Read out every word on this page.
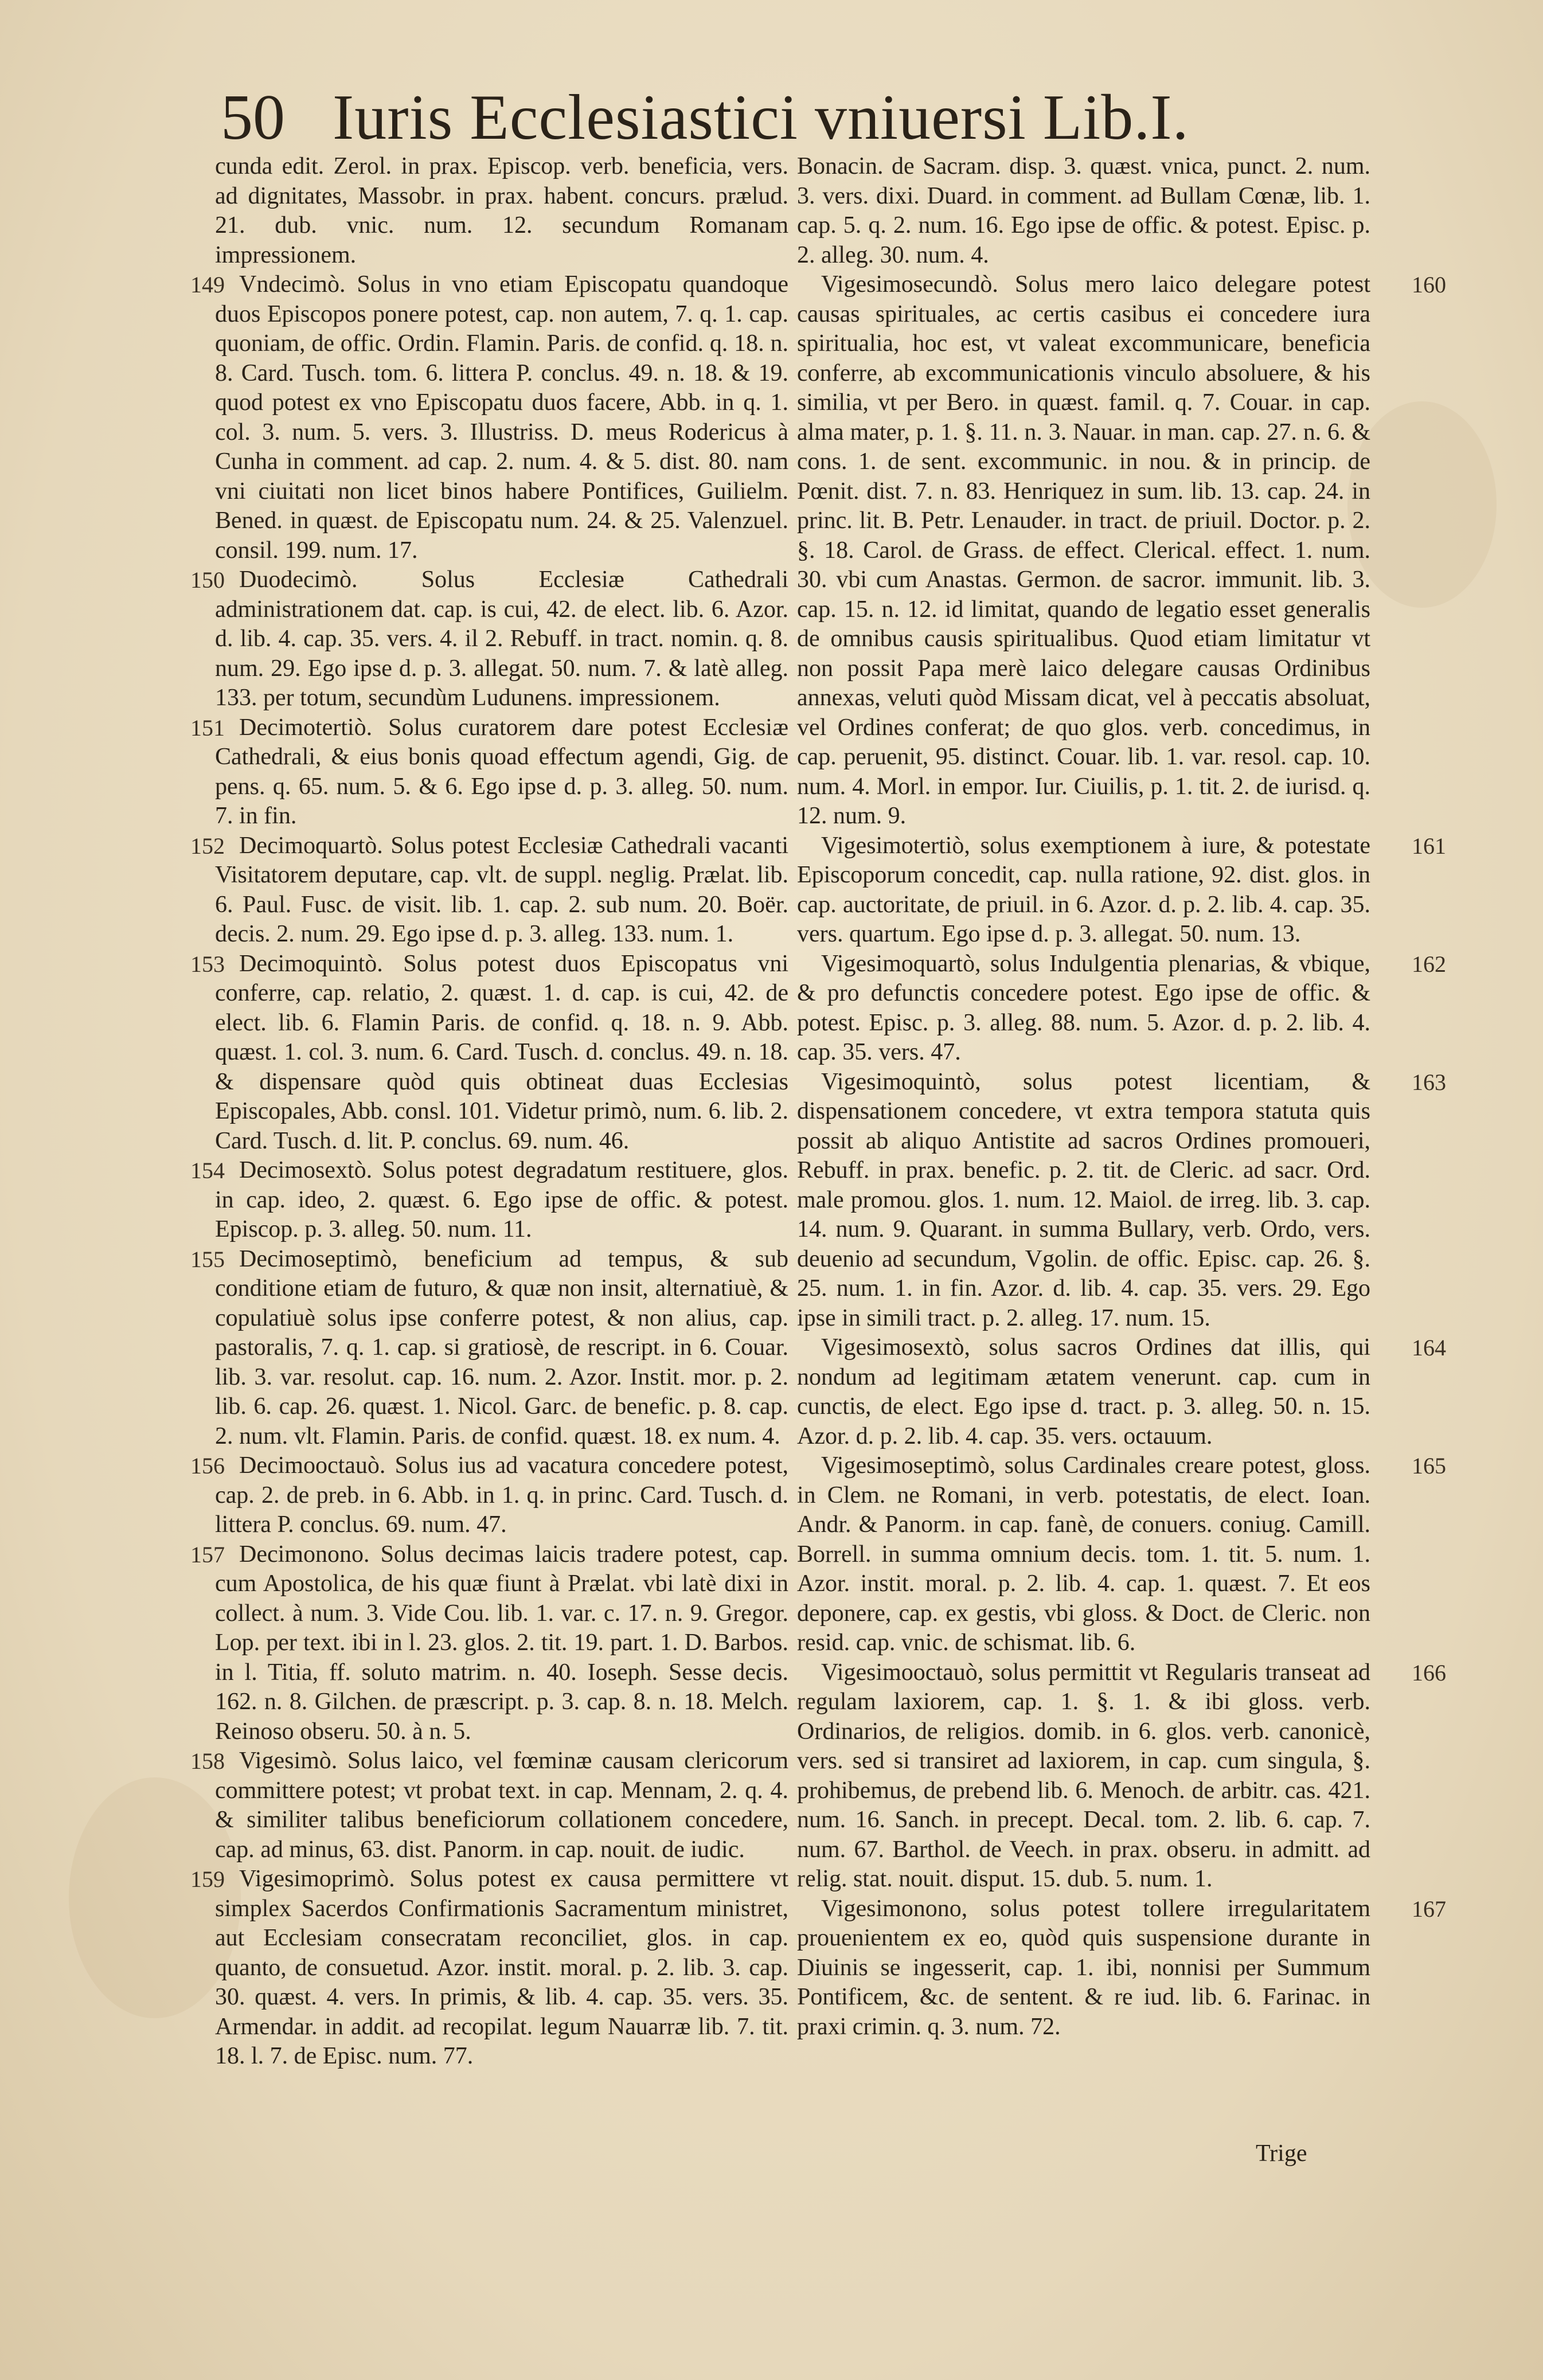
50 Iuris Ecclesiastici vniuersi Lib.I.

cunda edit. Zerol. in prax. Episcop. verb. beneficia, vers. ad dignitates, Massobr. in prax. habent. concurs. prælud. 21. dub. vnic. num. 12. secundum Romanam impressionem.

149 Vndecimò. Solus in vno etiam Episcopatu quandoque duos Episcopos ponere potest, cap. non autem, 7. q. 1. cap. quoniam, de offic. Ordin. Flamin. Paris. de confid. q. 18. n. 8. Card. Tusch. tom. 6. littera P. conclus. 49. n. 18. & 19. quod potest ex vno Episcopatu duos facere, Abb. in q. 1. col. 3. num. 5. vers. 3. Illustriss. D. meus Rodericus à Cunha in comment. ad cap. 2. num. 4. & 5. dist. 80. nam vni ciuitati non licet binos habere Pontifices, Guilielm. Bened. in quæst. de Episcopatu num. 24. & 25. Valenzuel. consil. 199. num. 17.

150 Duodecimò. Solus Ecclesiæ Cathedrali administrationem dat. cap. is cui, 42. de elect. lib. 6. Azor. d. lib. 4. cap. 35. vers. 4. il 2. Rebuff. in tract. nomin. q. 8. num. 29. Ego ipse d. p. 3. allegat. 50. num. 7. & latè alleg. 133. per totum, secundùm Ludunens. impressionem.

151 Decimotertiò. Solus curatorem dare potest Ecclesiæ Cathedrali, & eius bonis quoad effectum agendi, Gig. de pens. q. 65. num. 5. & 6. Ego ipse d. p. 3. alleg. 50. num. 7. in fin.

152 Decimoquartò. Solus potest Ecclesiæ Cathedrali vacanti Visitatorem deputare, cap. vlt. de suppl. neglig. Prælat. lib. 6. Paul. Fusc. de visit. lib. 1. cap. 2. sub num. 20. Boër. decis. 2. num. 29. Ego ipse d. p. 3. alleg. 133. num. 1.

153 Decimoquintò. Solus potest duos Episcopatus vni conferre, cap. relatio, 2. quæst. 1. d. cap. is cui, 42. de elect. lib. 6. Flamin Paris. de confid. q. 18. n. 9. Abb. quæst. 1. col. 3. num. 6. Card. Tusch. d. conclus. 49. n. 18. & dispensare quòd quis obtineat duas Ecclesias Episcopales, Abb. consl. 101. Videtur primò, num. 6. lib. 2. Card. Tusch. d. lit. P. conclus. 69. num. 46.

154 Decimosextò. Solus potest degradatum restituere, glos. in cap. ideo, 2. quæst. 6. Ego ipse de offic. & potest. Episcop. p. 3. alleg. 50. num. 11.

155 Decimoseptimò, beneficium ad tempus, & sub conditione etiam de futuro, & quæ non insit, alternatiuè, & copulatiuè solus ipse conferre potest, & non alius, cap. pastoralis, 7. q. 1. cap. si gratiosè, de rescript. in 6. Couar. lib. 3. var. resolut. cap. 16. num. 2. Azor. Instit. mor. p. 2. lib. 6. cap. 26. quæst. 1. Nicol. Garc. de benefic. p. 8. cap. 2. num. vlt. Flamin. Paris. de confid. quæst. 18. ex num. 4.

156 Decimooctauò. Solus ius ad vacatura concedere potest, cap. 2. de preb. in 6. Abb. in 1. q. in princ. Card. Tusch. d. littera P. conclus. 69. num. 47.

157 Decimonono. Solus decimas laicis tradere potest, cap. cum Apostolica, de his quæ fiunt à Prælat. vbi latè dixi in collect. à num. 3. Vide Cou. lib. 1. var. c. 17. n. 9. Gregor. Lop. per text. ibi in l. 23. glos. 2. tit. 19. part. 1. D. Barbos. in l. Titia, ff. soluto matrim. n. 40. Ioseph. Sesse decis. 162. n. 8. Gilchen. de præscript. p. 3. cap. 8. n. 18. Melch. Reinoso obseru. 50. à n. 5.

158 Vigesimò. Solus laico, vel fœminæ causam clericorum committere potest; vt probat text. in cap. Mennam, 2. q. 4. & similiter talibus beneficiorum collationem concedere, cap. ad minus, 63. dist. Panorm. in cap. nouit. de iudic.

159 Vigesimoprimò. Solus potest ex causa permittere vt simplex Sacerdos Confirmationis Sacramentum ministret, aut Ecclesiam consecratam reconciliet, glos. in cap. quanto, de consuetud. Azor. instit. moral. p. 2. lib. 3. cap. 30. quæst. 4. vers. In primis, & lib. 4. cap. 35. vers. 35. Armendar. in addit. ad recopilat. legum Nauarræ lib. 7. tit. 18. l. 7. de Episc. num. 77.

Bonacin. de Sacram. disp. 3. quæst. vnica, punct. 2. num. 3. vers. dixi. Duard. in comment. ad Bullam Cœnæ, lib. 1. cap. 5. q. 2. num. 16. Ego ipse de offic. & potest. Episc. p. 2. alleg. 30. num. 4.

160
Vigesimosecundò. Solus mero laico delegare potest causas spirituales, ac certis casibus ei concedere iura spiritualia, hoc est, vt valeat excommunicare, beneficia conferre, ab excommunicationis vinculo absoluere, & his similia, vt per Bero. in quæst. famil. q. 7. Couar. in cap. alma mater, p. 1. §. 11. n. 3. Nauar. in man. cap. 27. n. 6. & cons. 1. de sent. excommunic. in nou. & in princip. de Pœnit. dist. 7. n. 83. Henriquez in sum. lib. 13. cap. 24. in princ. lit. B. Petr. Lenauder. in tract. de priuil. Doctor. p. 2. §. 18. Carol. de Grass. de effect. Clerical. effect. 1. num. 30. vbi cum Anastas. Germon. de sacror. immunit. lib. 3. cap. 15. n. 12. id limitat, quando de legatio esset generalis de omnibus causis spiritualibus. Quod etiam limitatur vt non possit Papa merè laico delegare causas Ordinibus annexas, veluti quòd Missam dicat, vel à peccatis absoluat, vel Ordines conferat; de quo glos. verb. concedimus, in cap. peruenit, 95. distinct. Couar. lib. 1. var. resol. cap. 10. num. 4. Morl. in empor. Iur. Ciuilis, p. 1. tit. 2. de iurisd. q. 12. num. 9.

161
Vigesimotertiò, solus exemptionem à iure, & potestate Episcoporum concedit, cap. nulla ratione, 92. dist. glos. in cap. auctoritate, de priuil. in 6. Azor. d. p. 2. lib. 4. cap. 35. vers. quartum. Ego ipse d. p. 3. allegat. 50. num. 13.

162
Vigesimoquartò, solus Indulgentia plenarias, & vbique, & pro defunctis concedere potest. Ego ipse de offic. & potest. Episc. p. 3. alleg. 88. num. 5. Azor. d. p. 2. lib. 4. cap. 35. vers. 47.

163
Vigesimoquintò, solus potest licentiam, & dispensationem concedere, vt extra tempora statuta quis possit ab aliquo Antistite ad sacros Ordines promoueri, Rebuff. in prax. benefic. p. 2. tit. de Cleric. ad sacr. Ord. male promou. glos. 1. num. 12. Maiol. de irreg. lib. 3. cap. 14. num. 9. Quarant. in summa Bullary, verb. Ordo, vers. deuenio ad secundum, Vgolin. de offic. Episc. cap. 26. §. 25. num. 1. in fin. Azor. d. lib. 4. cap. 35. vers. 29. Ego ipse in simili tract. p. 2. alleg. 17. num. 15.

164
Vigesimosextò, solus sacros Ordines dat illis, qui nondum ad legitimam ætatem venerunt. cap. cum in cunctis, de elect. Ego ipse d. tract. p. 3. alleg. 50. n. 15. Azor. d. p. 2. lib. 4. cap. 35. vers. octauum.

165
Vigesimoseptimò, solus Cardinales creare potest, gloss. in Clem. ne Romani, in verb. potestatis, de elect. Ioan. Andr. & Panorm. in cap. fanè, de conuers. coniug. Camill. Borrell. in summa omnium decis. tom. 1. tit. 5. num. 1. Azor. instit. moral. p. 2. lib. 4. cap. 1. quæst. 7. Et eos deponere, cap. ex gestis, vbi gloss. & Doct. de Cleric. non resid. cap. vnic. de schismat. lib. 6.

166
Vigesimooctauò, solus permittit vt Regularis transeat ad regulam laxiorem, cap. 1. §. 1. & ibi gloss. verb. Ordinarios, de religios. domib. in 6. glos. verb. canonicè, vers. sed si transiret ad laxiorem, in cap. cum singula, §. prohibemus, de prebend lib. 6. Menoch. de arbitr. cas. 421. num. 16. Sanch. in precept. Decal. tom. 2. lib. 6. cap. 7. num. 67. Barthol. de Veech. in prax. obseru. in admitt. ad relig. stat. nouit. disput. 15. dub. 5. num. 1.

167
Vigesimonono, solus potest tollere irregularitatem prouenientem ex eo, quòd quis suspensione durante in Diuinis se ingesserit, cap. 1. ibi, nonnisi per Summum Pontificem, &c. de sentent. & re iud. lib. 6. Farinac. in praxi crimin. q. 3. num. 72.

Trige
